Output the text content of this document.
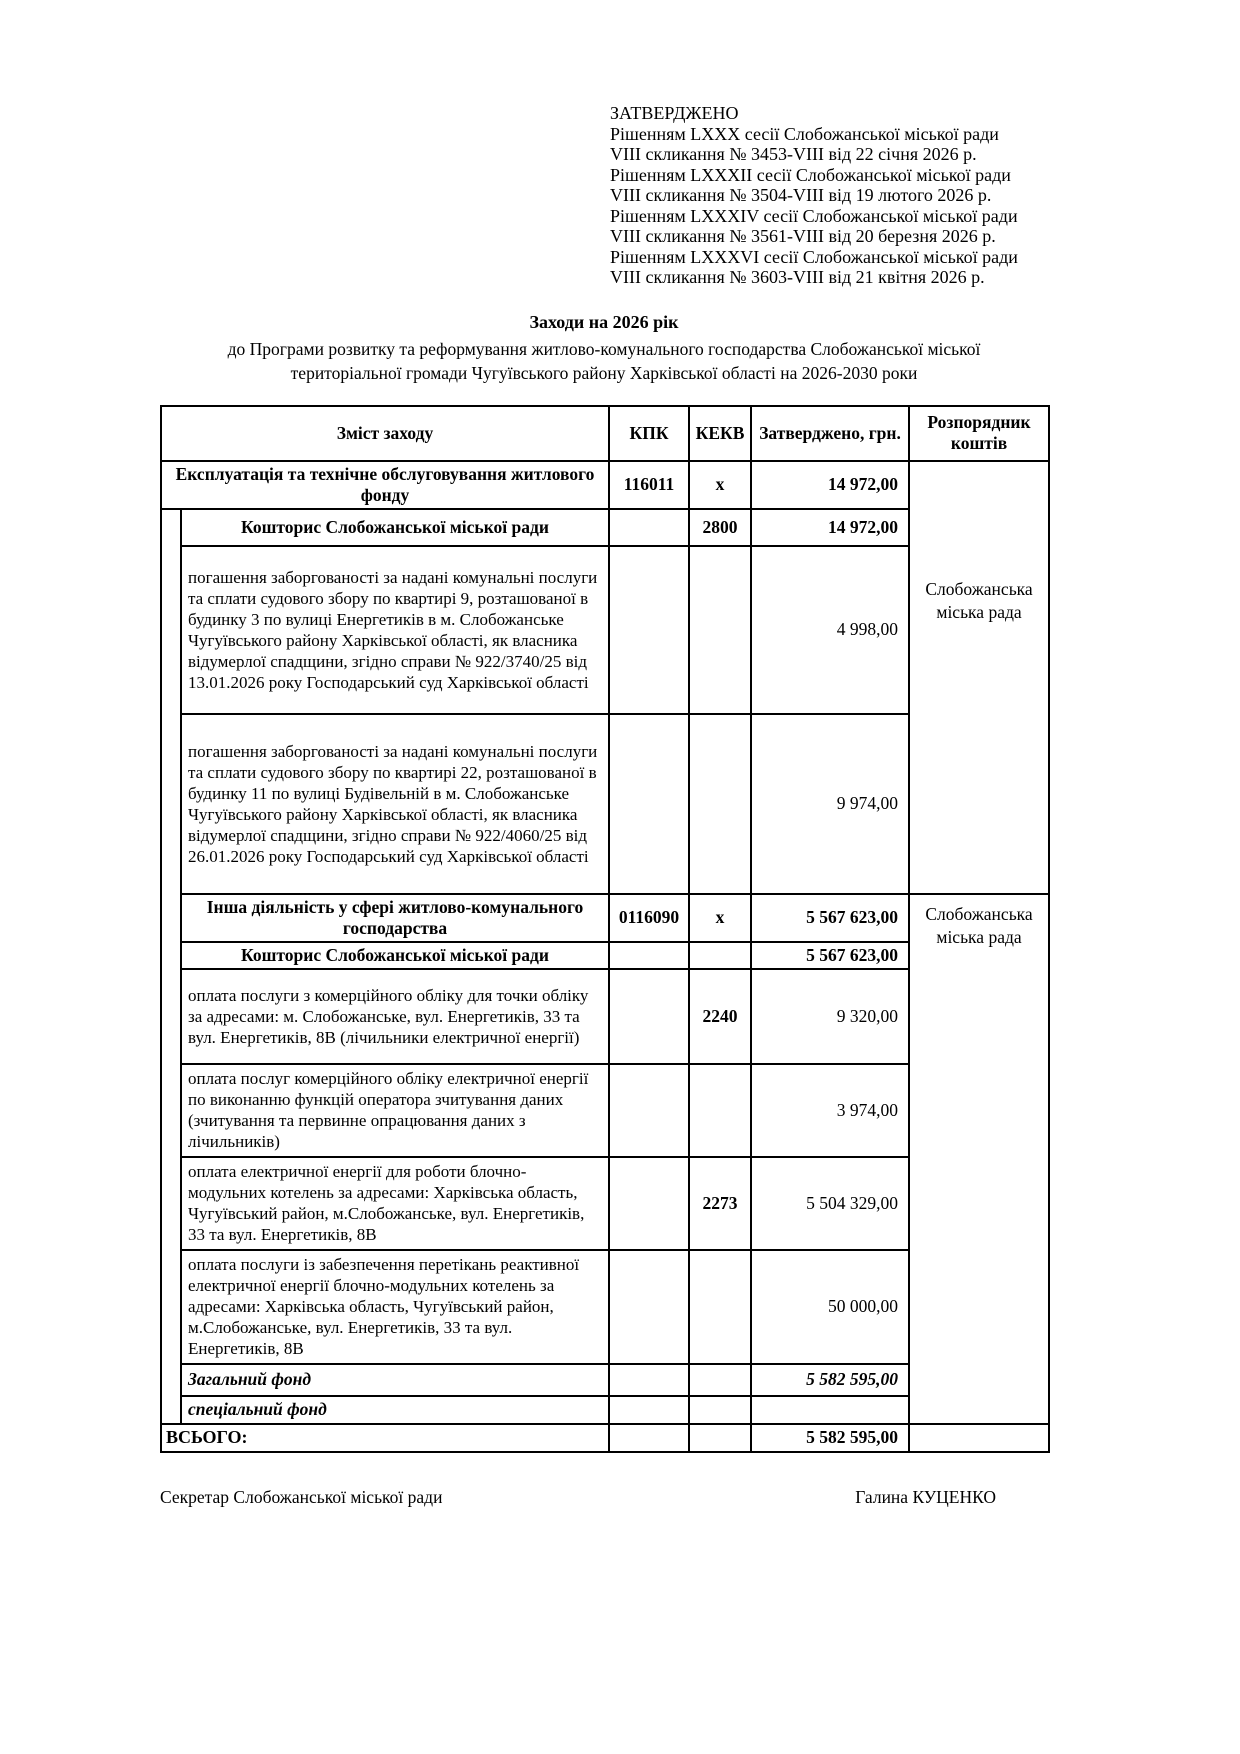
ЗАТВЕРДЖЕНО
Рішенням LXXX сесії Слобожанської міської ради
VIII скликання № 3453-VIII від 22 січня 2026 р.
Рішенням LXXXII сесії Слобожанської міської ради
VIII скликання № 3504-VIII від 19 лютого 2026 р.
Рішенням LXXXIV сесії Слобожанської міської ради
VIII скликання № 3561-VIII від 20 березня 2026 р.
Рішенням LXXXVI сесії Слобожанської міської ради
VIII скликання № 3603-VIII від 21 квітня 2026 р.
Заходи на 2026 рік
до Програми розвитку та реформування житлово-комунального господарства Слобожанської міської територіальної громади Чугуївського району Харківської області на 2026-2030 роки
Зміст заходу		КПК	КЕКВ	Затверджено, грн.	Розпорядник коштів
Експлуатація та технічне обслуговування житлового фонду		116011	x	14 972,00	Слобожанська міська рада
	Кошторис Слобожанської міської ради		2800	14 972,00	
	погашення заборгованості за надані комунальні послуги та сплати судового збору по квартирі 9, розташованої в будинку 3 по вулиці Енергетиків в м. Слобожанське Чугуївського району Харківської області, як власника відумерлої спадщини, згідно справи № 922/3740/25 від 13.01.2026 року Господарський суд Харківської області			4 998,00	
	погашення заборгованості за надані комунальні послуги та сплати судового збору по квартирі 22, розташованої в будинку 11 по вулиці Будівельній в м. Слобожанське Чугуївського району Харківської області, як власника відумерлої спадщини, згідно справи № 922/4060/25 від 26.01.2026 року Господарський суд Харківської області			9 974,00	
	Інша діяльність у сфері житлово-комунального господарства	0116090	x	5 567 623,00	Слобожанська міська рада
	Кошторис Слобожанської міської ради			5 567 623,00	
	оплата послуги з комерційного обліку для точки обліку за адресами: м. Слобожанське, вул. Енергетиків, 33 та вул. Енергетиків, 8В (лічильники електричної енергії)		2240	9 320,00	
	оплата послуг комерційного обліку електричної енергії по виконанню функцій оператора зчитування даних (зчитування та первинне опрацювання даних з лічильників)			3 974,00	
	оплата електричної енергії для роботи блочно-модульних котелень за адресами: Харківська область, Чугуївський район, м.Слобожанське, вул. Енергетиків, 33 та вул. Енергетиків, 8В		2273	5 504 329,00	
	оплата послуги із забезпечення перетікань реактивної електричної енергії блочно-модульних котелень за адресами: Харківська область, Чугуївський район, м.Слобожанське, вул. Енергетиків, 33 та вул. Енергетиків, 8В			50 000,00	
	Загальний фонд			5 582 595,00	
	спеціальний фонд				
ВСЬОГО:				5 582 595,00	
Секретар Слобожанської міської ради	Галина КУЦЕНКО
